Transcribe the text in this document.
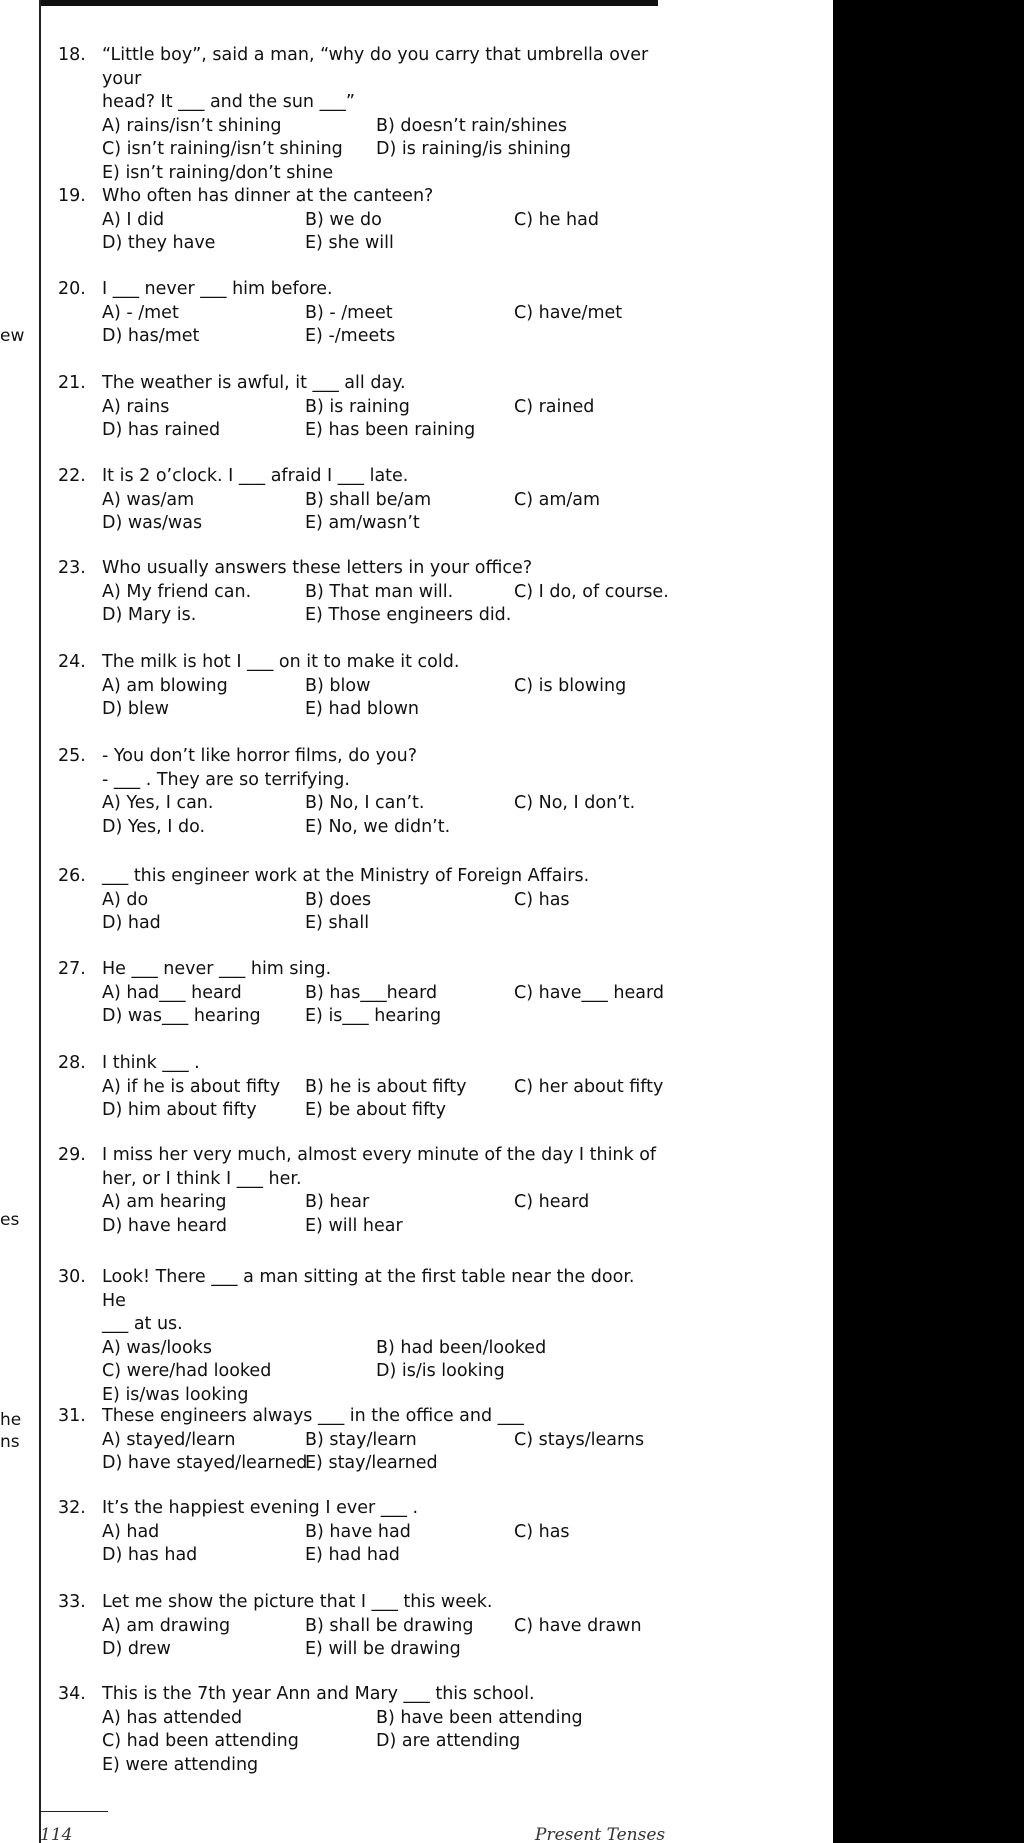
ew
es
he
ns
18. “Little boy”, said a man, “why do you carry that umbrella over your
head? It ___ and the sun ___”
A) rains/isn’t shining	B) doesn’t rain/shines
C) isn’t raining/isn’t shining D) is raining/is shining
E) isn’t raining/don’t shine
19. Who often has dinner at the canteen?
A) I did	B) we do	C) he had
D) they have	E) she will
20. I ___ never ___ him before.
A) - /met	B) - /meet	C) have/met
D) has/met	E) -/meets
21. The weather is awful, it ___ all day.
A) rains	B) is raining	C) rained
D) has rained	E) has been raining
22. It is 2 o’clock. I ___ afraid I ___ late.
A) was/am	B) shall be/am	C) am/am
D) was/was	E) am/wasn’t
23. Who usually answers these letters in your office?
A) My friend can.	B) That man will.	C) I do, of course.
D) Mary is.	E) Those engineers did.
24. The milk is hot I ___ on it to make it cold.
A) am blowing	B) blow	C) is blowing
D) blew	E) had blown
25. - You don’t like horror films, do you?
- ___ . They are so terrifying.
A) Yes, I can.	B) No, I can’t.	C) No, I don’t.
D) Yes, I do.	E) No, we didn’t.
26. ___ this engineer work at the Ministry of Foreign Affairs.
A) do	B) does	C) has
D) had	E) shall
27. He ___ never ___ him sing.
A) had___ heard	B) has___heard	C) have___ heard
D) was___ hearing	E) is___ hearing
28. I think ___ .
A) if he is about fifty B) he is about fifty	C) her about fifty
D) him about fifty	E) be about fifty
29. I miss her very much, almost every minute of the day I think of
her, or I think I ___ her.
A) am hearing	B) hear	C) heard
D) have heard	E) will hear
30. Look! There ___ a man sitting at the first table near the door. He
___ at us.
A) was/looks	B) had been/looked
C) were/had looked	D) is/is looking
E) is/was looking
31. These engineers always ___ in the office and ___
A) stayed/learn	B) stay/learn	C) stays/learns
D) have stayed/learned
E) stay/learned
32. It’s the happiest evening I ever ___ .
A) had	B) have had	C) has
D) has had	E) had had
33. Let me show the picture that I ___ this week.
A) am drawing	B) shall be drawing C) have drawn
D) drew	E) will be drawing
34. This is the 7th year Ann and Mary ___ this school.
A) has attended	B) have been attending
C) had been attending	D) are attending
E) were attending
114	Present Tenses
